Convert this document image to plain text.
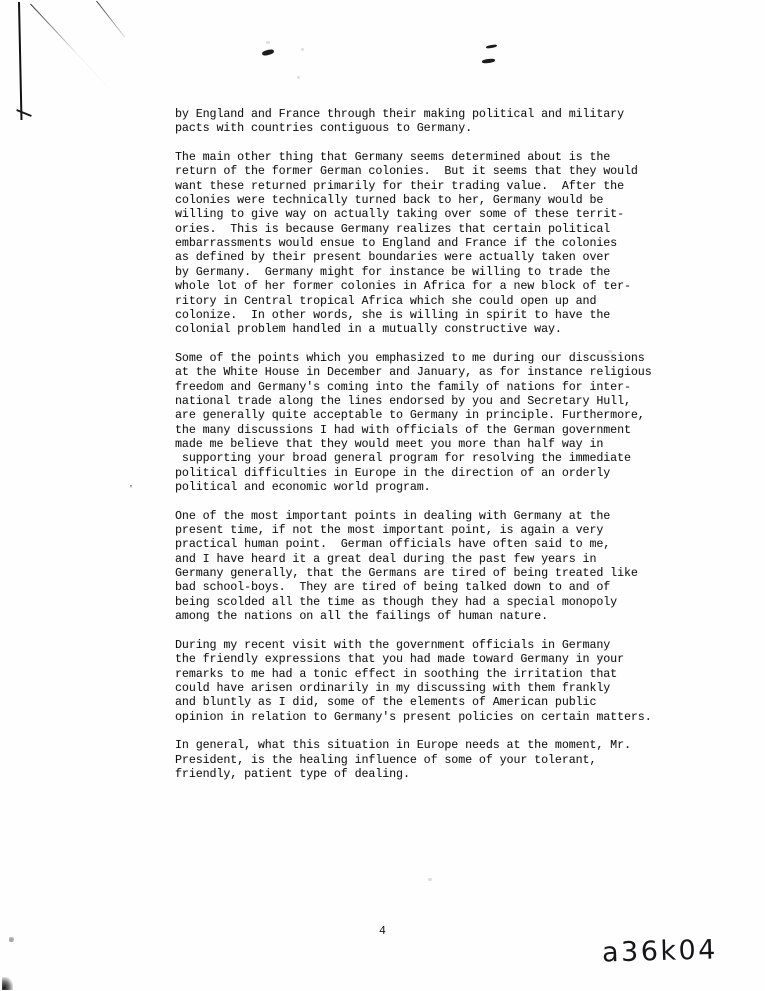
by England and France through their making political and military
pacts with countries contiguous to Germany.

The main other thing that Germany seems determined about is the
return of the former German colonies.  But it seems that they would
want these returned primarily for their trading value.  After the
colonies were technically turned back to her, Germany would be
willing to give way on actually taking over some of these territ-
ories.  This is because Germany realizes that certain political
embarrassments would ensue to England and France if the colonies
as defined by their present boundaries were actually taken over
by Germany.  Germany might for instance be willing to trade the
whole lot of her former colonies in Africa for a new block of ter-
ritory in Central tropical Africa which she could open up and
colonize.  In other words, she is willing in spirit to have the
colonial problem handled in a mutually constructive way.

Some of the points which you emphasized to me during our discussions
at the White House in December and January, as for instance religious
freedom and Germany's coming into the family of nations for inter-
national trade along the lines endorsed by you and Secretary Hull,
are generally quite acceptable to Germany in principle. Furthermore,
the many discussions I had with officials of the German government
made me believe that they would meet you more than half way in
supporting your broad general program for resolving the immediate
political difficulties in Europe in the direction of an orderly
political and economic world program.

One of the most important points in dealing with Germany at the
present time, if not the most important point, is again a very
practical human point.  German officials have often said to me,
and I have heard it a great deal during the past few years in
Germany generally, that the Germans are tired of being treated like
bad school-boys.  They are tired of being talked down to and of
being scolded all the time as though they had a special monopoly
among the nations on all the failings of human nature.

During my recent visit with the government officials in Germany
the friendly expressions that you had made toward Germany in your
remarks to me had a tonic effect in soothing the irritation that
could have arisen ordinarily in my discussing with them frankly
and bluntly as I did, some of the elements of American public
opinion in relation to Germany's present policies on certain matters.

In general, what this situation in Europe needs at the moment, Mr.
President, is the healing influence of some of your tolerant,
friendly, patient type of dealing.

'
4
a36k04
